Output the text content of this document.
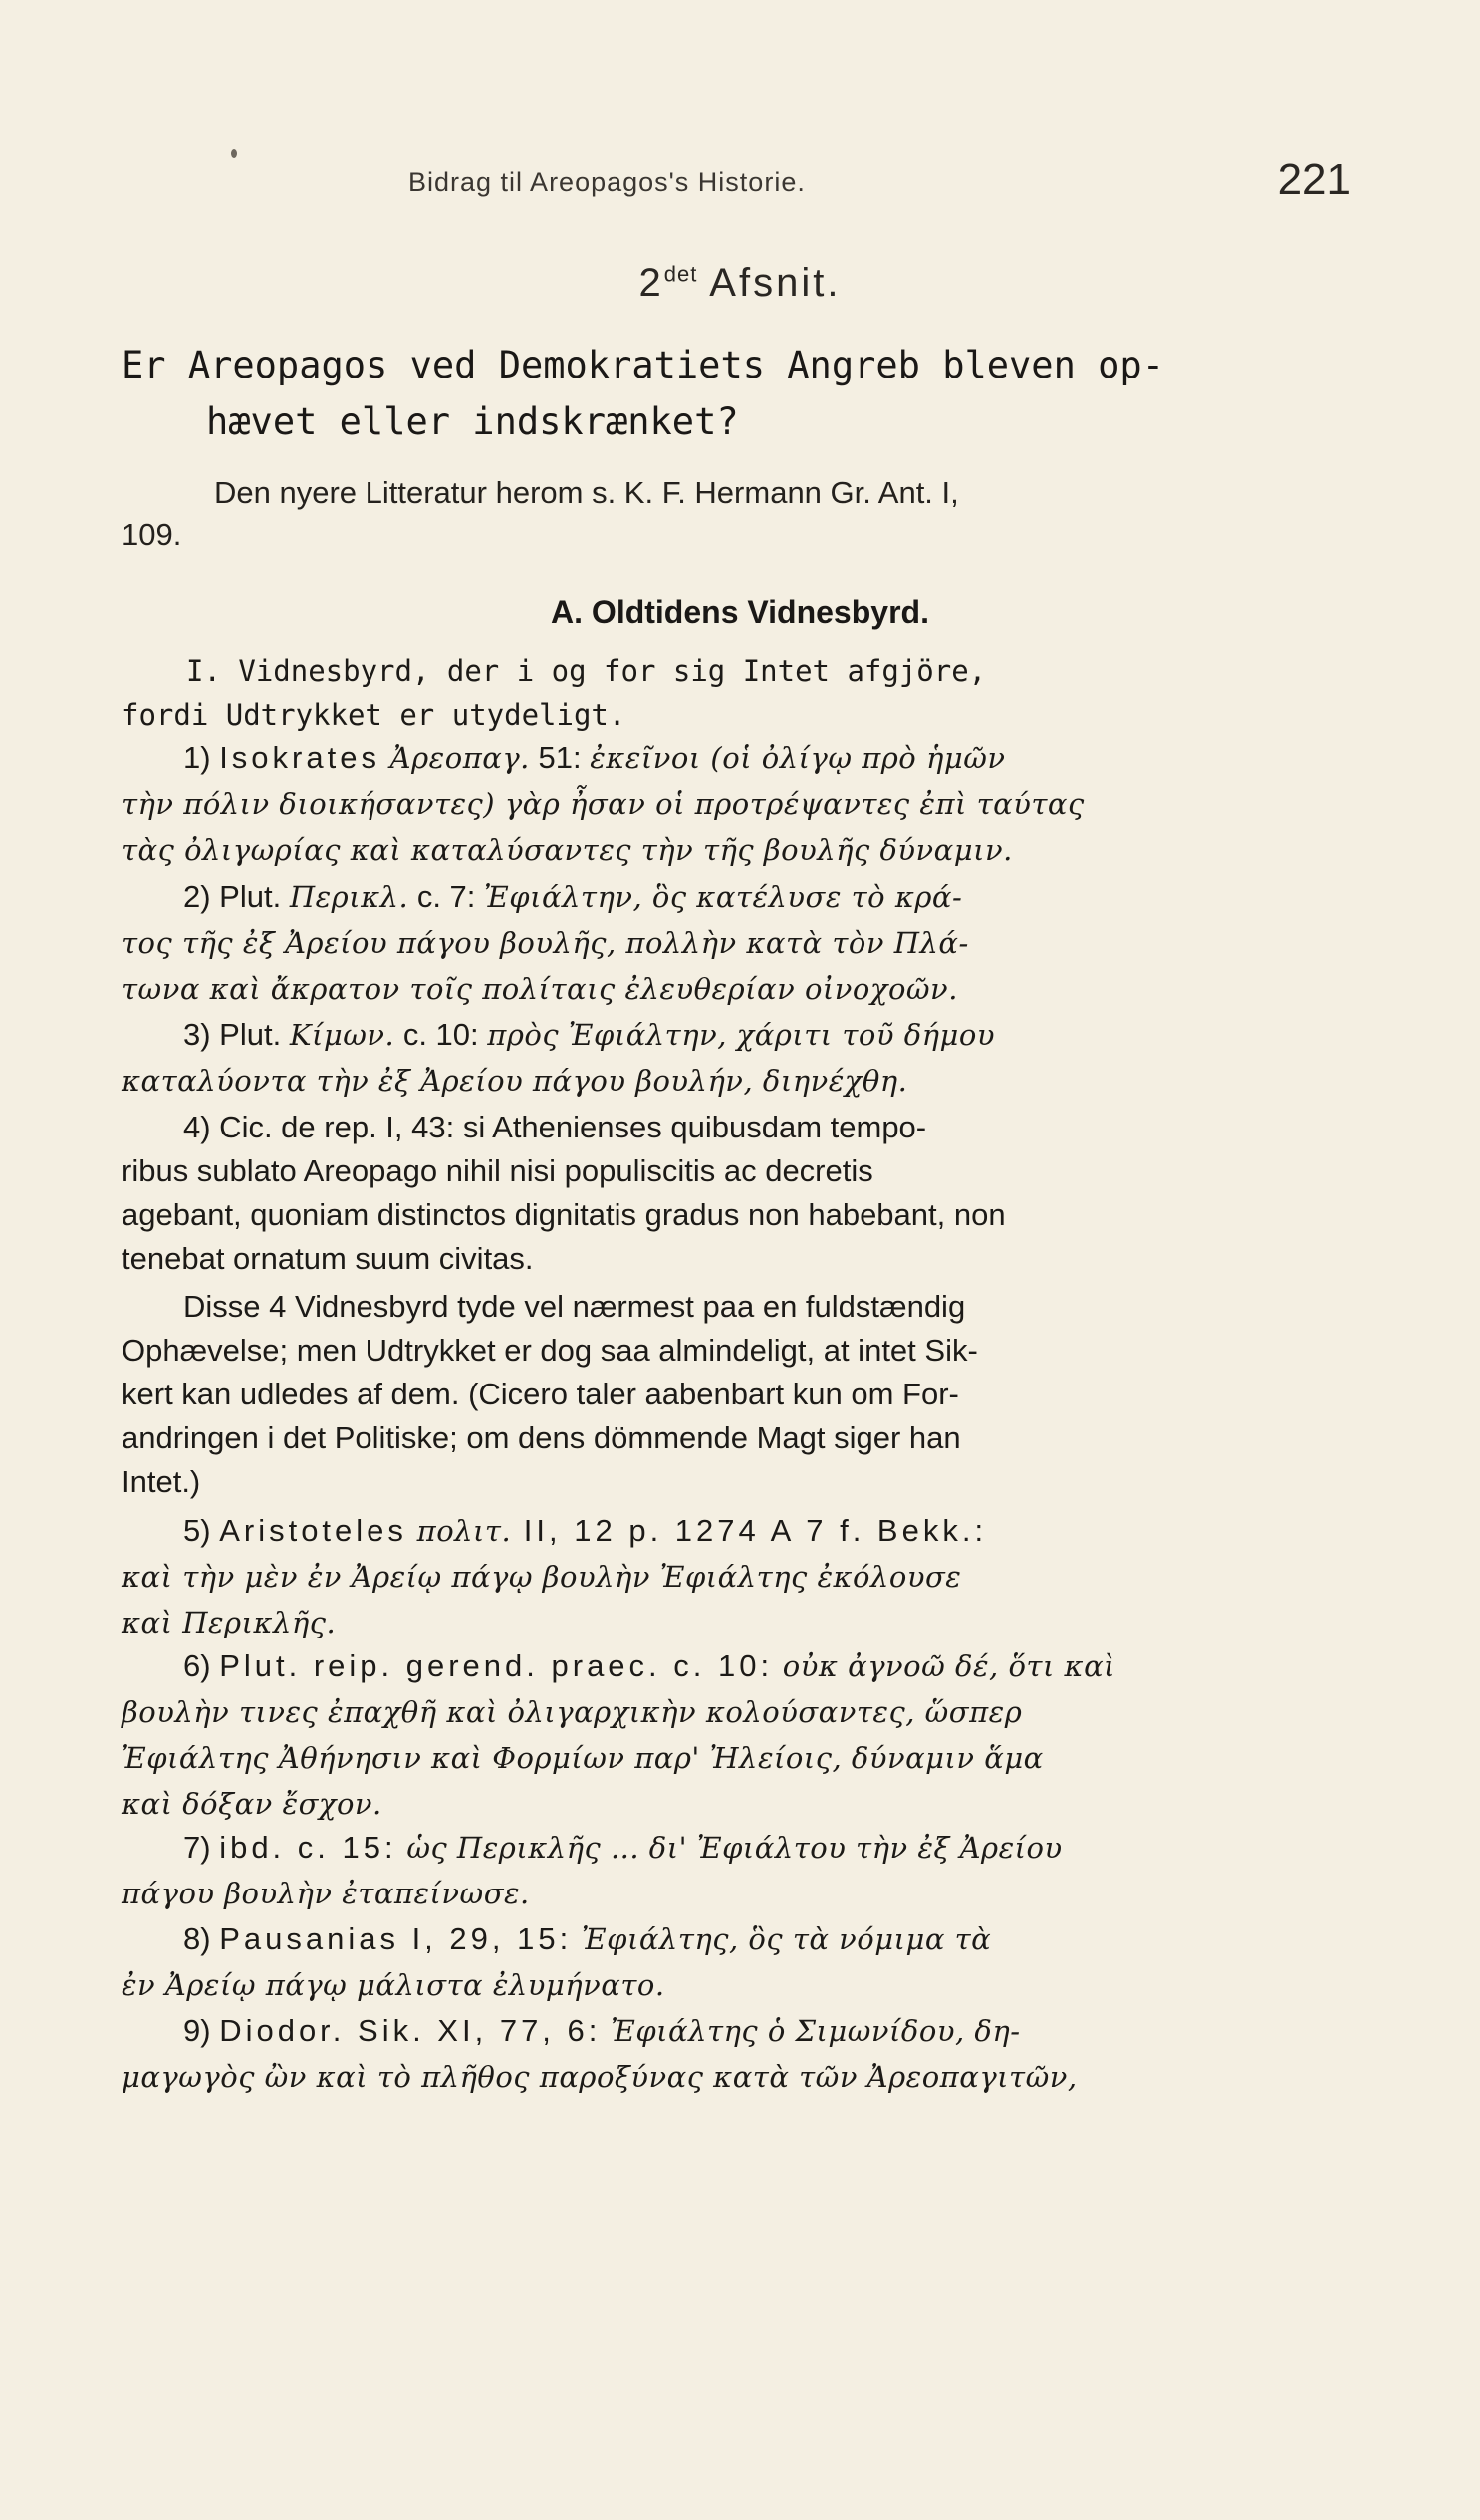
Bidrag til Areopagos's Historie.	221
$2^{det}$ Afsnit.
Er Areopagos ved Demokratiets Angreb bleven op-
hævet eller indskrænket?
Den nyere Litteratur herom s. K. F. Hermann Gr. Ant. I,
109.
A. Oldtidens Vidnesbyrd.
I. Vidnesbyrd, der i og for sig Intet afgjöre,
fordi Udtrykket er utydeligt.
1) Isokrates Ἀρεοπαγ. 51: ἐκεῖνοι (οἱ ὀλίγῳ πρὸ ἡμῶν
τὴν πόλιν διοικήσαντες) γὰρ ἦσαν οἱ προτρέψαντες ἐπὶ ταύτας
τὰς ὀλιγωρίας καὶ καταλύσαντες τὴν τῆς βουλῆς δύναμιν.
2) Plut. Περικλ. c. 7: Ἐφιάλτην, ὃς κατέλυσε τὸ κρά-
τος τῆς ἐξ Ἀρείου πάγου βουλῆς, πολλὴν κατὰ τὸν Πλά-
τωνα καὶ ἄκρατον τοῖς πολίταις ἐλευθερίαν οἰνοχοῶν.
3) Plut. Κίμων. c. 10: πρὸς Ἐφιάλτην, χάριτι τοῦ δήμου
καταλύοντα τὴν ἐξ Ἀρείου πάγου βουλήν, διηνέχθη.
4) Cic. de rep. I, 43: si Athenienses quibusdam tempo-
ribus sublato Areopago nihil nisi populiscitis ac decretis
agebant, quoniam distinctos dignitatis gradus non habebant, non
tenebat ornatum suum civitas.
Disse 4 Vidnesbyrd tyde vel nærmest paa en fuldstændig
Ophævelse; men Udtrykket er dog saa almindeligt, at intet Sik-
kert kan udledes af dem. (Cicero taler aabenbart kun om For-
andringen i det Politiske; om dens dömmende Magt siger han
Intet.)
5) Aristoteles πολιτ. II, 12 p. 1274 A 7 f. Bekk.:
καὶ τὴν μὲν ἐν Ἀρείῳ πάγῳ βουλὴν Ἐφιάλτης ἐκόλουσε
καὶ Περικλῆς.
6) Plut. reip. gerend. praec. c. 10: οὐκ ἀγνοῶ δέ, ὅτι καὶ
βουλὴν τινες ἐπαχθῆ καὶ ὀλιγαρχικὴν κολούσαντες, ὥσπερ
Ἐφιάλτης Ἀθήνησιν καὶ Φορμίων παρ' Ἠλείοις, δύναμιν ἅμα
καὶ δόξαν ἔσχον.
7) ibd. c. 15: ὡς Περικλῆς ... δι' Ἐφιάλτου τὴν ἐξ Ἀρείου
πάγου βουλὴν ἐταπείνωσε.
8) Pausanias I, 29, 15: Ἐφιάλτης, ὃς τὰ νόμιμα τὰ
ἐν Ἀρείῳ πάγῳ μάλιστα ἐλυμήνατο.
9) Diodor. Sik. XI, 77, 6: Ἐφιάλτης ὁ Σιμωνίδου, δη-
μαγωγὸς ὢν καὶ τὸ πλῆθος παροξύνας κατὰ τῶν Ἀρεοπαγιτῶν,
